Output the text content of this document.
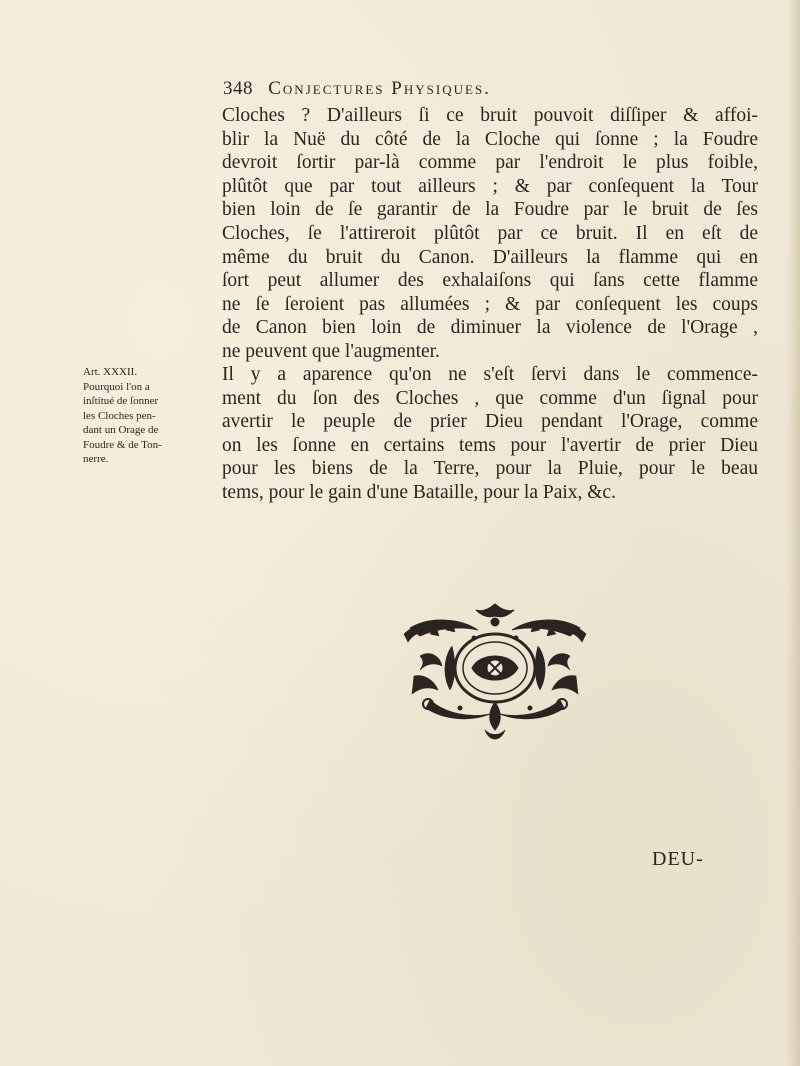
348 Conjectures Physiques.
Cloches ? D'ailleurs ſi ce bruit pouvoit diſſiper & affoi-
blir la Nuë du côté de la Cloche qui ſonne ; la Foudre
devroit ſortir par-là comme par l'endroit le plus foible,
plûtôt que par tout ailleurs ; & par conſequent la Tour
bien loin de ſe garantir de la Foudre par le bruit de ſes
Cloches, ſe l'attireroit plûtôt par ce bruit. Il en eſt de
même du bruit du Canon. D'ailleurs la flamme qui en
ſort peut allumer des exhalaiſons qui ſans cette flamme
ne ſe ſeroient pas allumées ; & par conſequent les coups
de Canon bien loin de diminuer la violence de l'Orage ,
ne peuvent que l'augmenter.
Art. XXXII.
Pourquoi l'on a
inſtitué de ſonner
les Cloches pen-
dant un Orage de
Foudre & de Ton-
nerre.
Il y a aparence qu'on ne s'eſt ſervi dans le commence-
ment du ſon des Cloches , que comme d'un ſignal pour
avertir le peuple de prier Dieu pendant l'Orage, comme
on les ſonne en certains tems pour l'avertir de prier Dieu
pour les biens de la Terre, pour la Pluie, pour le beau
tems, pour le gain d'une Bataille, pour la Paix, &c.
DEU-
